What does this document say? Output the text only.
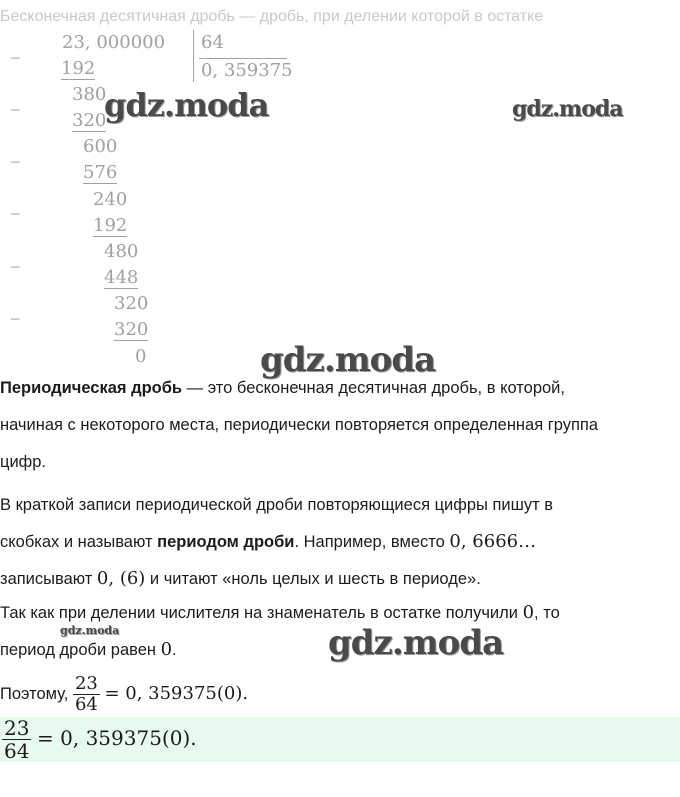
Бесконечная десятичная дробь — дробь, при делении которой в остатке
23, 000000 64
0, 359375
− 192
−
380
320
−
600
576
−
240
192
−
480
448
−
320
320
0
gdz.moda	gdz.moda
gdz.moda
gdz.moda	gdz.moda
Периодическая дробь — это бесконечная десятичная дробь, в которой,
начиная с некоторого места, периодически повторяется определенная группа
цифр.
В краткой записи периодической дроби повторяющиеся цифры пишут в
скобках и называют периодом дроби. Например, вместо 0, 6666…
записывают 0, (6) и читают «ноль целых и шесть в периоде».
Так как при делении числителя на знаменатель в остатке получили 0, то
период дроби равен 0.
Поэтому, $\frac{23}{64} = 0$, 359375(0).
$\frac{23}{64} = 0$, 359375(0).
